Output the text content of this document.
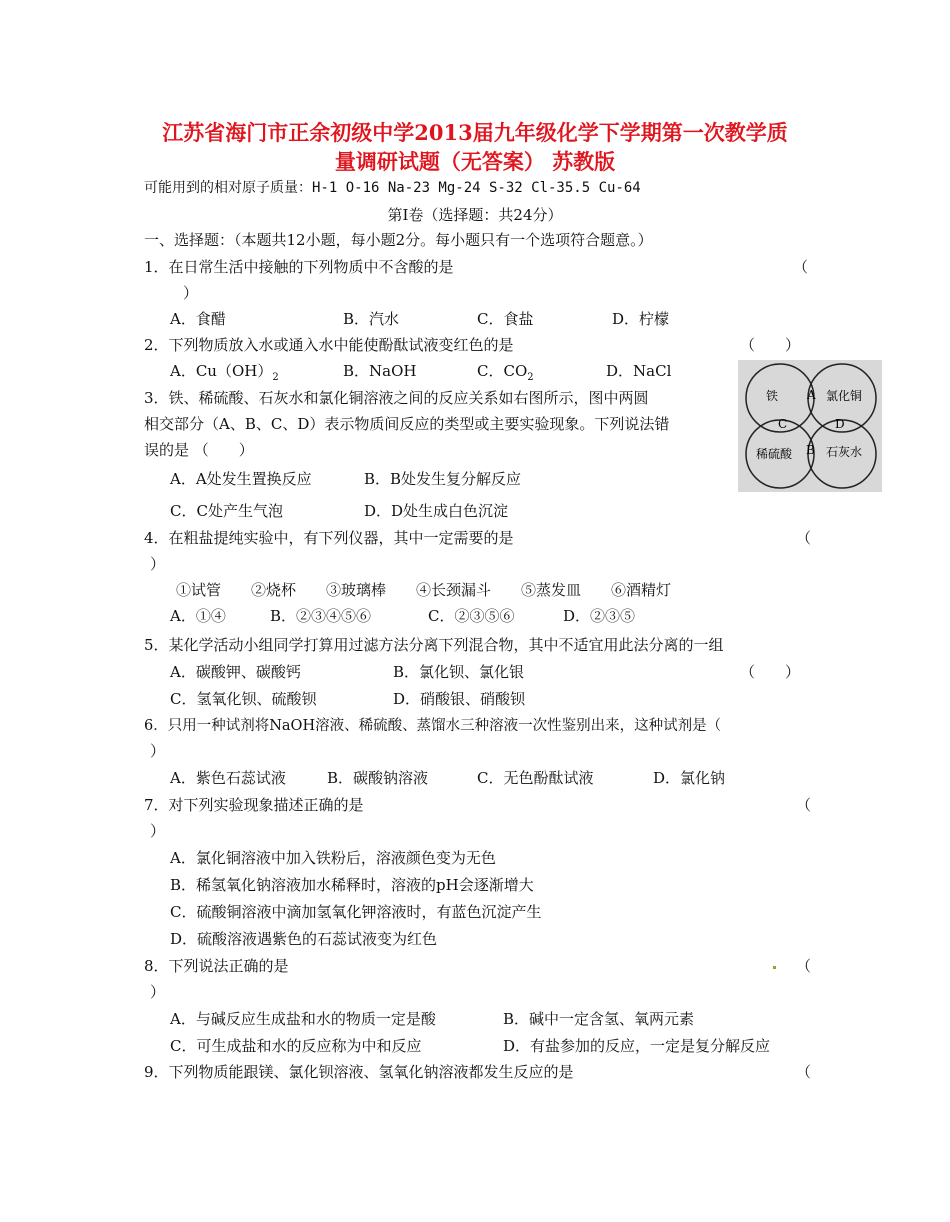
江苏省海门市正余初级中学2013届九年级化学下学期第一次教学质
量调研试题（无答案） 苏教版
可能用到的相对原子质量：H-1 O-16 Na-23 Mg-24 S-32 Cl-35.5 Cu-64
第Ⅰ卷（选择题：共24分）
一、选择题：（本题共12小题，每小题2分。每小题只有一个选项符合题意。）
1．在日常生活中接触的下列物质中不含酸的是	（
）
A．食醋	B．汽水	C．食盐	D．柠檬
2．下列物质放入水或通入水中能使酚酞试液变红色的是	（　　）
A．$Cu(OH)_2$	B．NaOH	C．$CO_2$	D．NaCl
3．铁、稀硫酸、石灰水和氯化铜溶液之间的反应关系如右图所示，图中两圆
相交部分（A、B、C、D）表示物质间反应的类型或主要实验现象。下列说法错
误的是 （　　）
A．A处发生置换反应	B．B处发生复分解反应
C．C处产生气泡	D．D处生成白色沉淀
铁	氯化铜
稀硫酸	石灰水
A
C	D
B
4．在粗盐提纯实验中，有下列仪器，其中一定需要的是	（
）
①试管　　②烧杯　　③玻璃棒　　④长颈漏斗　　⑤蒸发皿　　⑥酒精灯
A．①④	B．②③④⑤⑥	C．②③⑤⑥	D．②③⑤
5．某化学活动小组同学打算用过滤方法分离下列混合物，其中不适宜用此法分离的一组
A．碳酸钾、碳酸钙	B．氯化钡、氯化银	（　　）
C．氢氧化钡、硫酸钡	D．硝酸银、硝酸钡
6．只用一种试剂将NaOH溶液、稀硫酸、蒸馏水三种溶液一次性鉴别出来，这种试剂是（
）
A．紫色石蕊试液	B．碳酸钠溶液	C．无色酚酞试液	D．氯化钠
7．对下列实验现象描述正确的是	（
）
A．氯化铜溶液中加入铁粉后，溶液颜色变为无色
B．稀氢氧化钠溶液加水稀释时，溶液的pH会逐渐增大
C．硫酸铜溶液中滴加氢氧化钾溶液时，有蓝色沉淀产生
D．硫酸溶液遇紫色的石蕊试液变为红色
8．下列说法正确的是	（
）
A．与碱反应生成盐和水的物质一定是酸	B．碱中一定含氢、氧两元素
C．可生成盐和水的反应称为中和反应	D．有盐参加的反应，一定是复分解反应
9．下列物质能跟镁、氯化钡溶液、氢氧化钠溶液都发生反应的是	（
